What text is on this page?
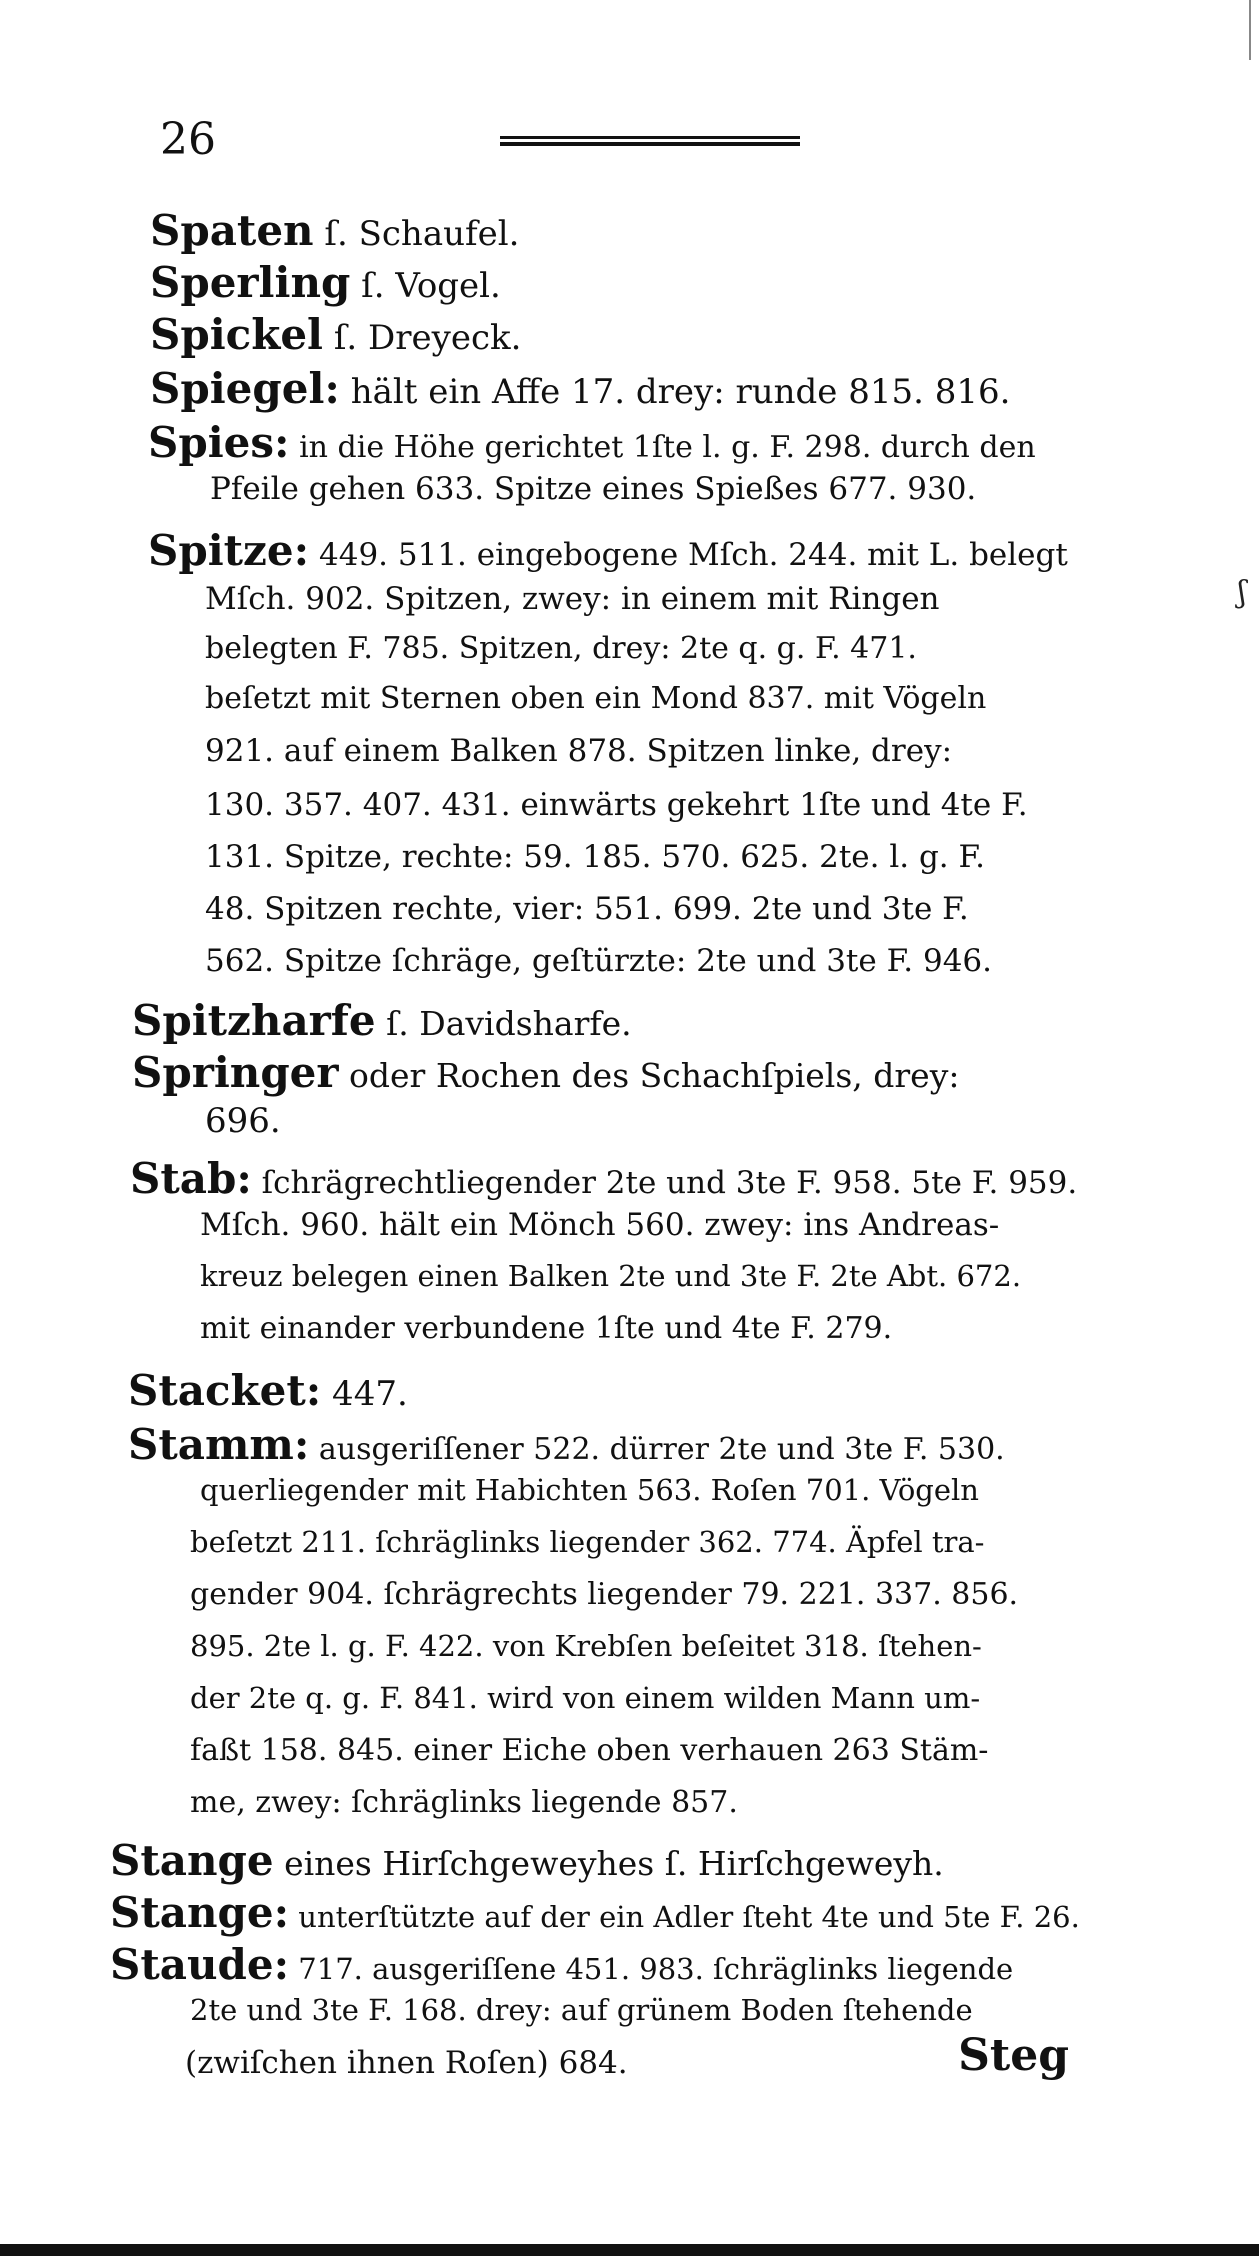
26
Spaten ſ. Schaufel.
Sperling ſ. Vogel.
Spickel ſ. Dreyeck.
Spiegel: hält ein Affe 17. drey: runde 815. 816.
Spies: in die Höhe gerichtet 1ſte l. g. F. 298. durch den
Pfeile gehen 633. Spitze eines Spießes 677. 930.
Spitze: 449. 511. eingebogene Mſch. 244. mit L. belegt
Mſch. 902. Spitzen, zwey: in einem mit Ringen
belegten F. 785. Spitzen, drey: 2te q. g. F. 471.
beſetzt mit Sternen oben ein Mond 837. mit Vögeln
921. auf einem Balken 878. Spitzen linke, drey:
130. 357. 407. 431. einwärts gekehrt 1ſte und 4te F.
131. Spitze, rechte: 59. 185. 570. 625. 2te. l. g. F.
48. Spitzen rechte, vier: 551. 699. 2te und 3te F.
562. Spitze ſchräge, geſtürzte: 2te und 3te F. 946.
Spitzharfe ſ. Davidsharfe.
Springer oder Rochen des Schachſpiels, drey:
696.
Stab: ſchrägrechtliegender 2te und 3te F. 958. 5te F. 959.
Mſch. 960. hält ein Mönch 560. zwey: ins Andreas-
kreuz belegen einen Balken 2te und 3te F. 2te Abt. 672.
mit einander verbundene 1ſte und 4te F. 279.
Stacket: 447.
Stamm: ausgeriſſener 522. dürrer 2te und 3te F. 530.
querliegender mit Habichten 563. Roſen 701. Vögeln
beſetzt 211. ſchräglinks liegender 362. 774. Äpfel tra-
gender 904. ſchrägrechts liegender 79. 221. 337. 856.
895. 2te l. g. F. 422. von Krebſen beſeitet 318. ſtehen-
der 2te q. g. F. 841. wird von einem wilden Mann um-
faßt 158. 845. einer Eiche oben verhauen 263 Stäm-
me, zwey: ſchräglinks liegende 857.
Stange eines Hirſchgeweyhes ſ. Hirſchgeweyh.
Stange: unterſtützte auf der ein Adler ſteht 4te und 5te F. 26.
Staude: 717. ausgeriſſene 451. 983. ſchräglinks liegende
2te und 3te F. 168. drey: auf grünem Boden ſtehende
(zwiſchen ihnen Roſen) 684.	Steg
ʃ
